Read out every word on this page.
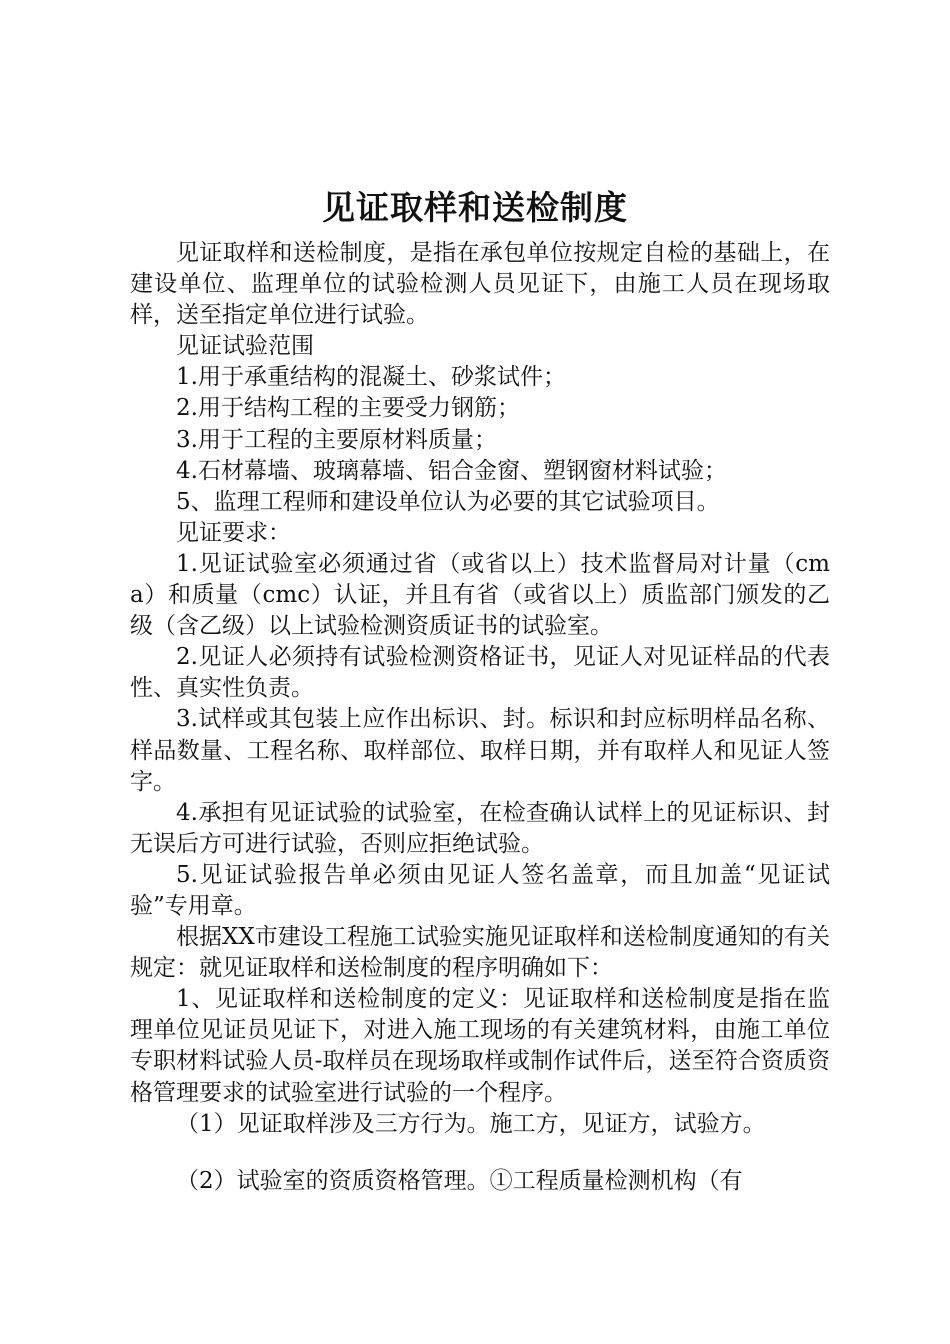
见证取样和送检制度

见证取样和送检制度，是指在承包单位按规定自检的基础上，在建设单位、监理单位的试验检测人员见证下，由施工人员在现场取样，送至指定单位进行试验。

见证试验范围

1.用于承重结构的混凝土、砂浆试件；

2.用于结构工程的主要受力钢筋；

3.用于工程的主要原材料质量；

4.石材幕墙、玻璃幕墙、铝合金窗、塑钢窗材料试验；

5、监理工程师和建设单位认为必要的其它试验项目。

见证要求：

1.见证试验室必须通过省（或省以上）技术监督局对计量（cma）和质量（cmc）认证，并且有省（或省以上）质监部门颁发的乙级（含乙级）以上试验检测资质证书的试验室。

2.见证人必须持有试验检测资格证书，见证人对见证样品的代表性、真实性负责。

3.试样或其包装上应作出标识、封。标识和封应标明样品名称、样品数量、工程名称、取样部位、取样日期，并有取样人和见证人签字。

4.承担有见证试验的试验室，在检查确认试样上的见证标识、封无误后方可进行试验，否则应拒绝试验。

5.见证试验报告单必须由见证人签名盖章，而且加盖“见证试验”专用章。

根据XX市建设工程施工试验实施见证取样和送检制度通知的有关规定：就见证取样和送检制度的程序明确如下：

1、见证取样和送检制度的定义：见证取样和送检制度是指在监理单位见证员见证下，对进入施工现场的有关建筑材料，由施工单位专职材料试验人员-取样员在现场取样或制作试件后，送至符合资质资格管理要求的试验室进行试验的一个程序。

（1）见证取样涉及三方行为。施工方，见证方，试验方。

（2）试验室的资质资格管理。①工程质量检测机构（有
